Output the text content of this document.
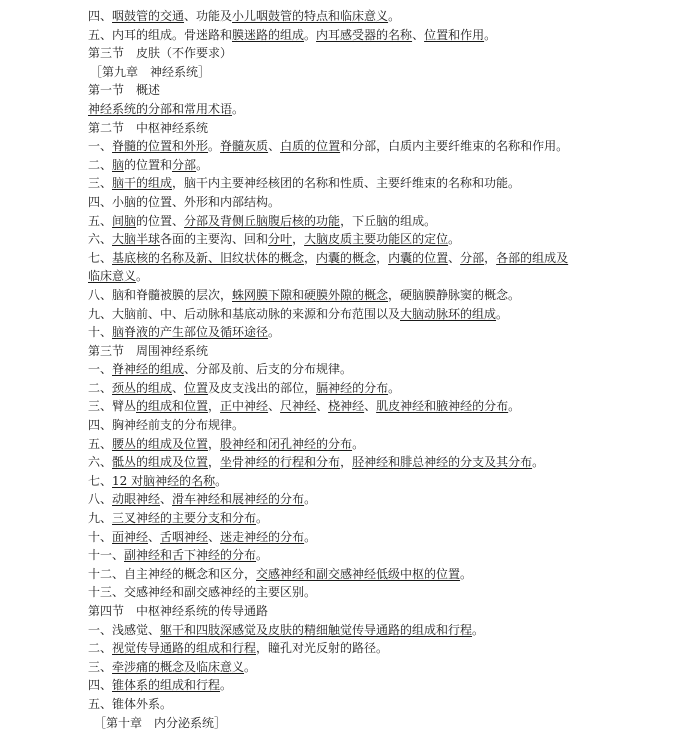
四、咽鼓管的交通、功能及小儿咽鼓管的特点和临床意义。
五、内耳的组成。骨迷路和膜迷路的组成。内耳感受器的名称、位置和作用。
第三节　皮肤（不作要求）
［第九章　神经系统］
第一节　概述
神经系统的分部和常用术语。
第二节　中枢神经系统
一、脊髓的位置和外形。脊髓灰质、白质的位置和分部，白质内主要纤维束的名称和作用。
二、脑的位置和分部。
三、脑干的组成，脑干内主要神经核团的名称和性质、主要纤维束的名称和功能。
四、小脑的位置、外形和内部结构。
五、间脑的位置、分部及背侧丘脑腹后核的功能，下丘脑的组成。
六、大脑半球各面的主要沟、回和分叶，大脑皮质主要功能区的定位。
七、基底核的名称及新、旧纹状体的概念，内囊的概念，内囊的位置、分部，各部的组成及
临床意义。
八、脑和脊髓被膜的层次，蛛网膜下隙和硬膜外隙的概念，硬脑膜静脉窦的概念。
九、大脑前、中、后动脉和基底动脉的来源和分布范围以及大脑动脉环的组成。
十、脑脊液的产生部位及循环途径。
第三节　周围神经系统
一、脊神经的组成、分部及前、后支的分布规律。
二、颈丛的组成、位置及皮支浅出的部位，膈神经的分布。
三、臂丛的组成和位置，正中神经、尺神经、桡神经、肌皮神经和腋神经的分布。
四、胸神经前支的分布规律。
五、腰丛的组成及位置，股神经和闭孔神经的分布。
六、骶丛的组成及位置，坐骨神经的行程和分布，胫神经和腓总神经的分支及其分布。
七、12 对脑神经的名称。
八、动眼神经、滑车神经和展神经的分布。
九、三叉神经的主要分支和分布。
十、面神经、舌咽神经、迷走神经的分布。
十一、副神经和舌下神经的分布。
十二、自主神经的概念和区分，交感神经和副交感神经低级中枢的位置。
十三、交感神经和副交感神经的主要区别。
第四节　中枢神经系统的传导通路
一、浅感觉、躯干和四肢深感觉及皮肤的精细触觉传导通路的组成和行程。
二、视觉传导通路的组成和行程，瞳孔对光反射的路径。
三、牵涉痛的概念及临床意义。
四、锥体系的组成和行程。
五、锥体外系。
［第十章　内分泌系统］
